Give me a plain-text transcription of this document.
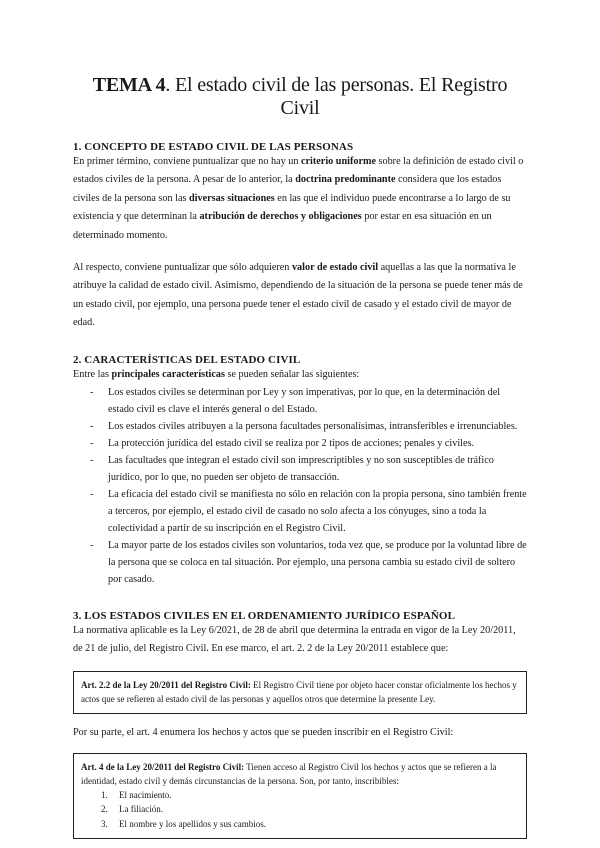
TEMA 4. El estado civil de las personas. El Registro Civil
1. CONCEPTO DE ESTADO CIVIL DE LAS PERSONAS

En primer término, conviene puntualizar que no hay un criterio uniforme sobre la definición de estado civil o estados civiles de la persona. A pesar de lo anterior, la doctrina predominante considera que los estados civiles de la persona son las diversas situaciones en las que el individuo puede encontrarse a lo largo de su existencia y que determinan la atribución de derechos y obligaciones por estar en esa situación en un determinado momento.

Al respecto, conviene puntualizar que sólo adquieren valor de estado civil aquellas a las que la normativa le atribuye la calidad de estado civil. Asimismo, dependiendo de la situación de la persona se puede tener más de un estado civil, por ejemplo, una persona puede tener el estado civil de casado y el estado civil de mayor de edad.

2. CARACTERÍSTICAS DEL ESTADO CIVIL

Entre las principales características se pueden señalar las siguientes:

- Los estados civiles se determinan por Ley y son imperativas, por lo que, en la determinación del estado civil es clave el interés general o del Estado.
- Los estados civiles atribuyen a la persona facultades personalísimas, intransferibles e irrenunciables.
- La protección jurídica del estado civil se realiza por 2 tipos de acciones; penales y civiles.
- Las facultades que integran el estado civil son imprescriptibles y no son susceptibles de tráfico jurídico, por lo que, no pueden ser objeto de transacción.
- La eficacia del estado civil se manifiesta no sólo en relación con la propia persona, sino también frente a terceros, por ejemplo, el estado civil de casado no solo afecta a los cónyuges, sino a toda la colectividad a partir de su inscripción en el Registro Civil.
- La mayor parte de los estados civiles son voluntarios, toda vez que, se produce por la voluntad libre de la persona que se coloca en tal situación. Por ejemplo, una persona cambia su estado civil de soltero por casado.
3. LOS ESTADOS CIVILES EN EL ORDENAMIENTO JURÍDICO ESPAÑOL

La normativa aplicable es la Ley 6/2021, de 28 de abril que determina la entrada en vigor de la Ley 20/2011, de 21 de julio, del Registro Civil. En ese marco, el art. 2. 2 de la Ley 20/2011 establece que:

Art. 2.2 de la Ley 20/2011 del Registro Civil: El Registro Civil tiene por objeto hacer constar oficialmente los hechos y actos que se refieren al estado civil de las personas y aquellos otros que determine la presente Ley.

Por su parte, el art. 4 enumera los hechos y actos que se pueden inscribir en el Registro Civil:

Art. 4 de la Ley 20/2011 del Registro Civil: Tienen acceso al Registro Civil los hechos y actos que se refieren a la identidad, estado civil y demás circunstancias de la persona. Son, por tanto, inscribibles:
1. El nacimiento.
2. La filiación.
3. El nombre y los apellidos y sus cambios.
